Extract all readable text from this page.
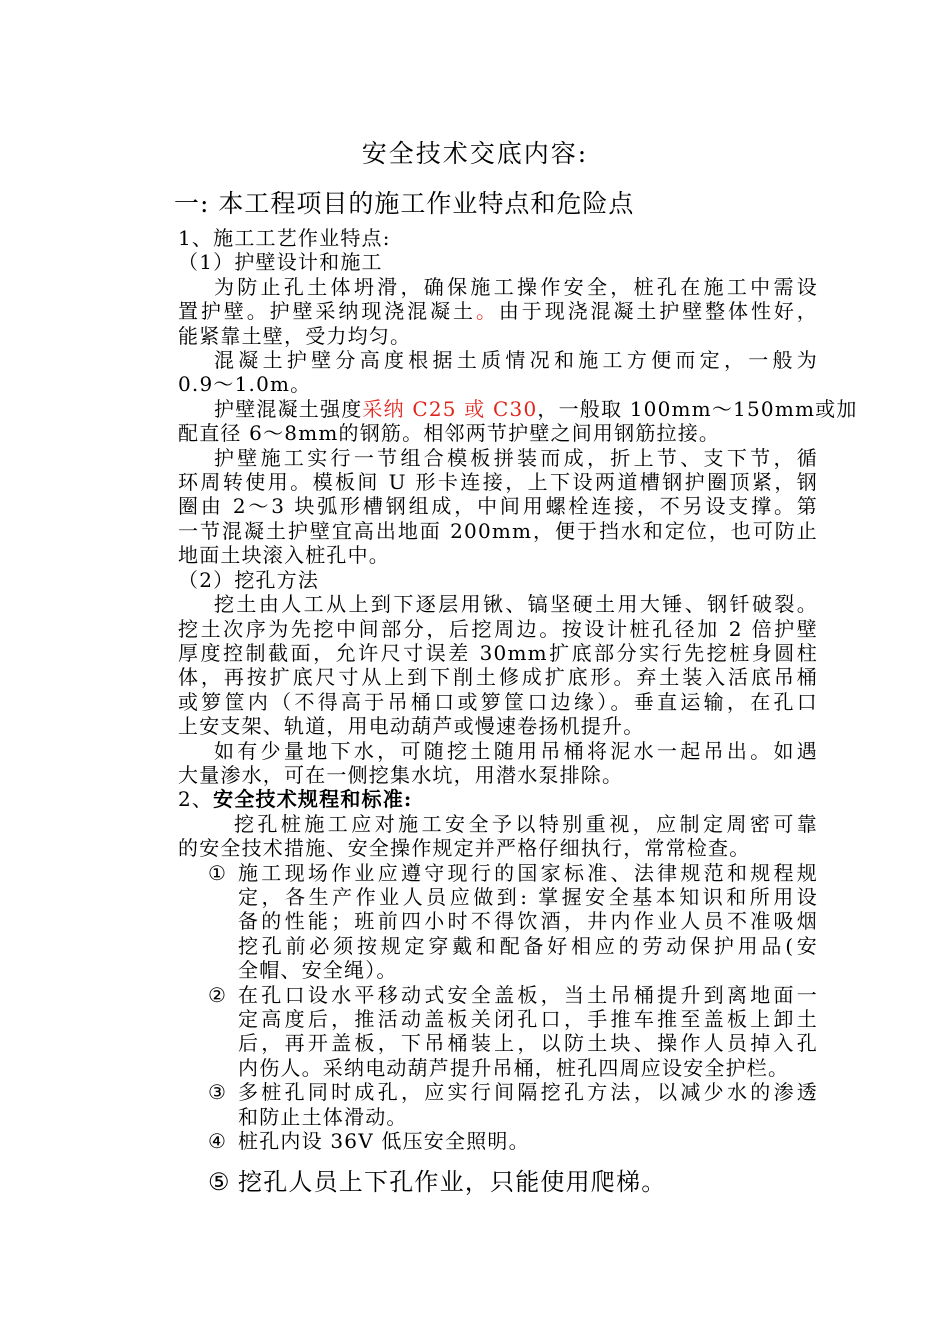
安全技术交底内容:
一: 本工程项目的施工作业特点和危险点

1、施工工艺作业特点:

（1）护壁设计和施工

为防止孔土体坍滑，确保施工操作安全，桩孔在施工中需设

置护壁。护壁采纳现浇混凝土。由于现浇混凝土护壁整体性好，

能紧靠土壁，受力均匀。

混凝土护壁分高度根据土质情况和施工方便而定，一般为

0.9～1.0m。

护壁混凝土强度采纳 C25 或 C30，一般取 100mm～150mm或加

配直径 6～8mm的钢筋。相邻两节护壁之间用钢筋拉接。

护壁施工实行一节组合模板拼装而成，折上节、支下节，循

环周转使用。模板间 U 形卡连接，上下设两道槽钢护圈顶紧，钢

圈由 2～3 块弧形槽钢组成，中间用螺栓连接，不另设支撑。第

一节混凝土护壁宜高出地面 200mm，便于挡水和定位，也可防止

地面土块滚入桩孔中。

（2）挖孔方法

挖土由人工从上到下逐层用锹、镐坚硬土用大锤、钢钎破裂。

挖土次序为先挖中间部分，后挖周边。按设计桩孔径加 2 倍护壁

厚度控制截面，允许尺寸误差 30mm扩底部分实行先挖桩身圆柱

体，再按扩底尺寸从上到下削土修成扩底形。弃土装入活底吊桶

或箩筐内（不得高于吊桶口或箩筐口边缘）。垂直运输，在孔口

上安支架、轨道，用电动葫芦或慢速卷扬机提升。

如有少量地下水，可随挖土随用吊桶将泥水一起吊出。如遇

大量渗水，可在一侧挖集水坑，用潜水泵排除。

2、安全技术规程和标准:

挖孔桩施工应对施工安全予以特别重视，应制定周密可靠

的安全技术措施、安全操作规定并严格仔细执行，常常检查。

① 施工现场作业应遵守现行的国家标准、法律规范和规程规

定，各生产作业人员应做到: 掌握安全基本知识和所用设

备的性能；班前四小时不得饮酒，井内作业人员不准吸烟

挖孔前必须按规定穿戴和配备好相应的劳动保护用品(安

全帽、安全绳）。

② 在孔口设水平移动式安全盖板，当土吊桶提升到离地面一

定高度后，推活动盖板关闭孔口，手推车推至盖板上卸土

后，再开盖板，下吊桶装上，以防土块、操作人员掉入孔

内伤人。采纳电动葫芦提升吊桶，桩孔四周应设安全护栏。

③ 多桩孔同时成孔，应实行间隔挖孔方法，以减少水的渗透

和防止土体滑动。

④ 桩孔内设 36V 低压安全照明。

⑤ 挖孔人员上下孔作业，只能使用爬梯。
